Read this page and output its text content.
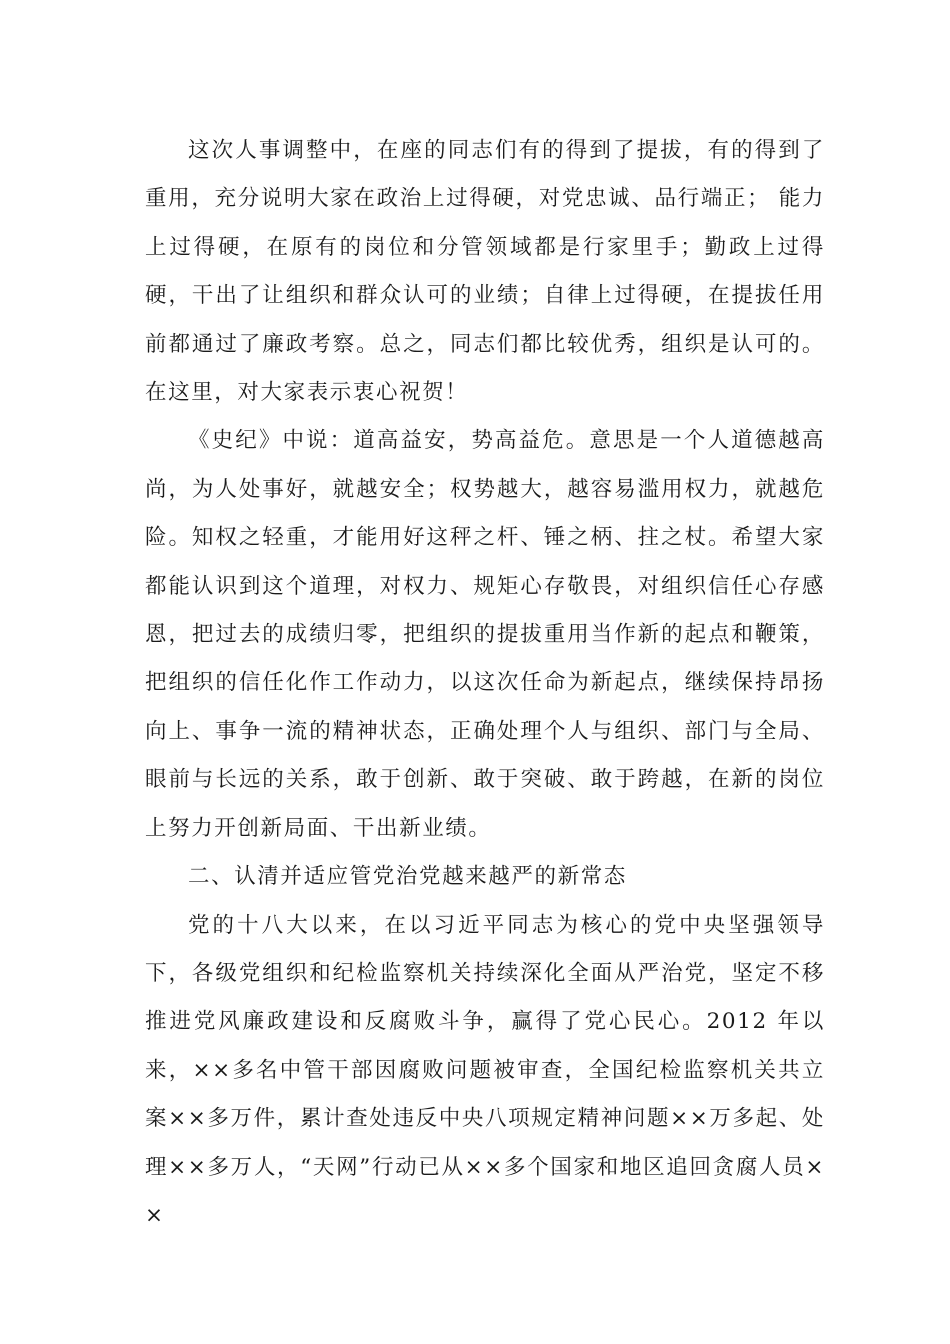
这次人事调整中，在座的同志们有的得到了提拔，有的得到了重用，充分说明大家在政治上过得硬，对党忠诚、品行端正； 能力上过得硬，在原有的岗位和分管领域都是行家里手；勤政上过得硬，干出了让组织和群众认可的业绩；自律上过得硬，在提拔任用前都通过了廉政考察。总之，同志们都比较优秀，组织是认可的。在这里，对大家表示衷心祝贺！

《史纪》中说：道高益安，势高益危。意思是一个人道德越高尚，为人处事好，就越安全；权势越大，越容易滥用权力，就越危险。知权之轻重，才能用好这秤之杆、锤之柄、拄之杖。希望大家都能认识到这个道理，对权力、规矩心存敬畏，对组织信任心存感恩，把过去的成绩归零，把组织的提拔重用当作新的起点和鞭策，把组织的信任化作工作动力，以这次任命为新起点，继续保持昂扬向上、事争一流的精神状态，正确处理个人与组织、部门与全局、眼前与长远的关系，敢于创新、敢于突破、敢于跨越，在新的岗位上努力开创新局面、干出新业绩。

二、认清并适应管党治党越来越严的新常态

党的十八大以来，在以习近平同志为核心的党中央坚强领导下，各级党组织和纪检监察机关持续深化全面从严治党，坚定不移推进党风廉政建设和反腐败斗争，赢得了党心民心。2012 年以来，××多名中管干部因腐败问题被审查，全国纪检监察机关共立案××多万件，累计查处违反中央八项规定精神问题××万多起、处理××多万人，“天网”行动已从××多个国家和地区追回贪腐人员××
